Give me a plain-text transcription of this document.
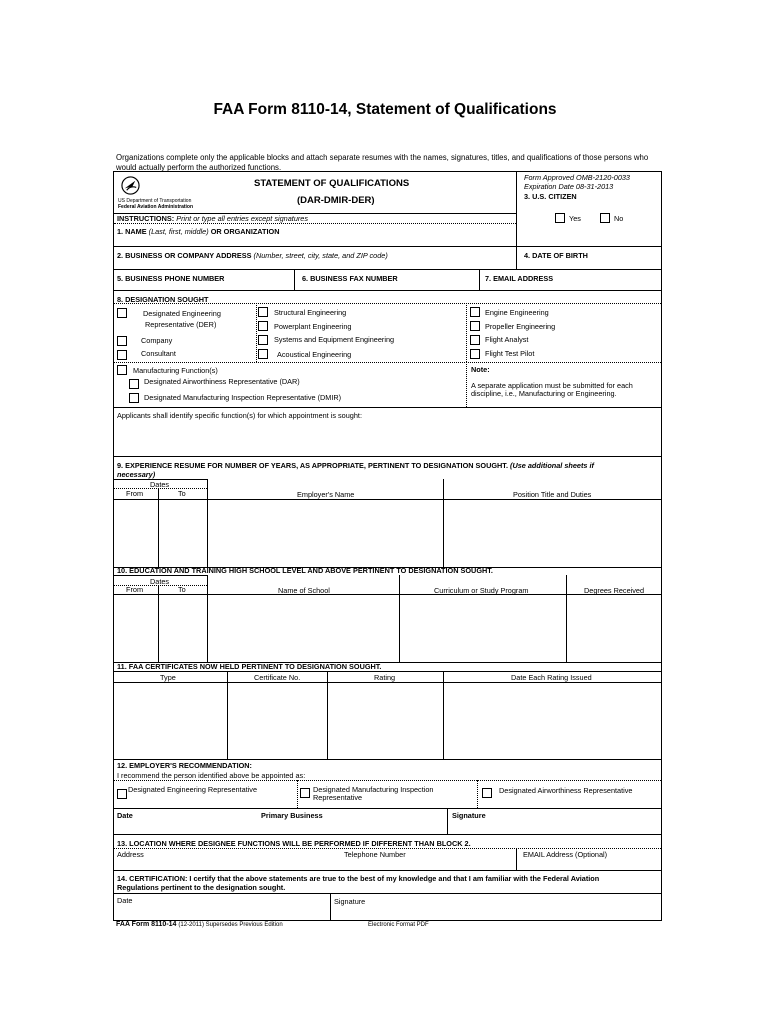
FAA Form 8110-14, Statement of Qualifications
Organizations complete only the applicable blocks and attach separate resumes with the names, signatures, titles, and qualifications of those persons who would actually perform the authorized functions.
US Department of Transportation
Federal Aviation Administration
STATEMENT OF QUALIFICATIONS
(DAR-DMIR-DER)
Form Approved OMB-2120-0033
Expiration Date 08-31-2013
3. U.S. CITIZEN
Yes	No
INSTRUCTIONS: Print or type all entries except signatures
1. NAME (Last, first, middle) OR ORGANIZATION
2. BUSINESS OR COMPANY ADDRESS (Number, street, city, state, and ZIP code)	4. DATE OF BIRTH
5. BUSINESS PHONE NUMBER	6. BUSINESS FAX NUMBER	7. EMAIL ADDRESS
8. DESIGNATION SOUGHT
Designated Engineering
Representative (DER)
Company
Consultant
Structural Engineering
Powerplant Engineering
Systems and Equipment Engineering
Acoustical Engineering
Engine Engineering
Propeller Engineering
Flight Analyst
Flight Test Pilot
Manufacturing Function(s)
Designated Airworthiness Representative (DAR)
Designated Manufacturing Inspection Representative (DMIR)
Note:
A separate application must be submitted for each
discipline, i.e., Manufacturing or Engineering.
Applicants shall identify specific function(s) for which appointment is sought:
9. EXPERIENCE RESUME FOR NUMBER OF YEARS, AS APPROPRIATE, PERTINENT TO DESIGNATION SOUGHT. (Use additional sheets if
necessary)
Dates
From	To	Employer's Name	Position Title and Duties
10. EDUCATION AND TRAINING HIGH SCHOOL LEVEL AND ABOVE PERTINENT TO DESIGNATION SOUGHT.
Dates
From	To	Name of School	Curriculum or Study Program	Degrees Received
11. FAA CERTIFICATES NOW HELD PERTINENT TO DESIGNATION SOUGHT.
Type	Certificate No.	Rating	Date Each Rating Issued
12. EMPLOYER'S RECOMMENDATION:
I recommend the person identified above be appointed as:
Designated Engineering Representative	Designated Manufacturing Inspection
Representative
Designated Airworthiness Representative
Date	Primary Business	Signature
13. LOCATION WHERE DESIGNEE FUNCTIONS WILL BE PERFORMED IF DIFFERENT THAN BLOCK 2.
Address	Telephone Number	EMAIL Address (Optional)
14. CERTIFICATION: I certify that the above statements are true to the best of my knowledge and that I am familiar with the Federal Aviation
Regulations pertinent to the designation sought.
Date	Signature
FAA Form 8110-14 (12-2011) Supersedes Previous Edition	Electronic Format PDF
